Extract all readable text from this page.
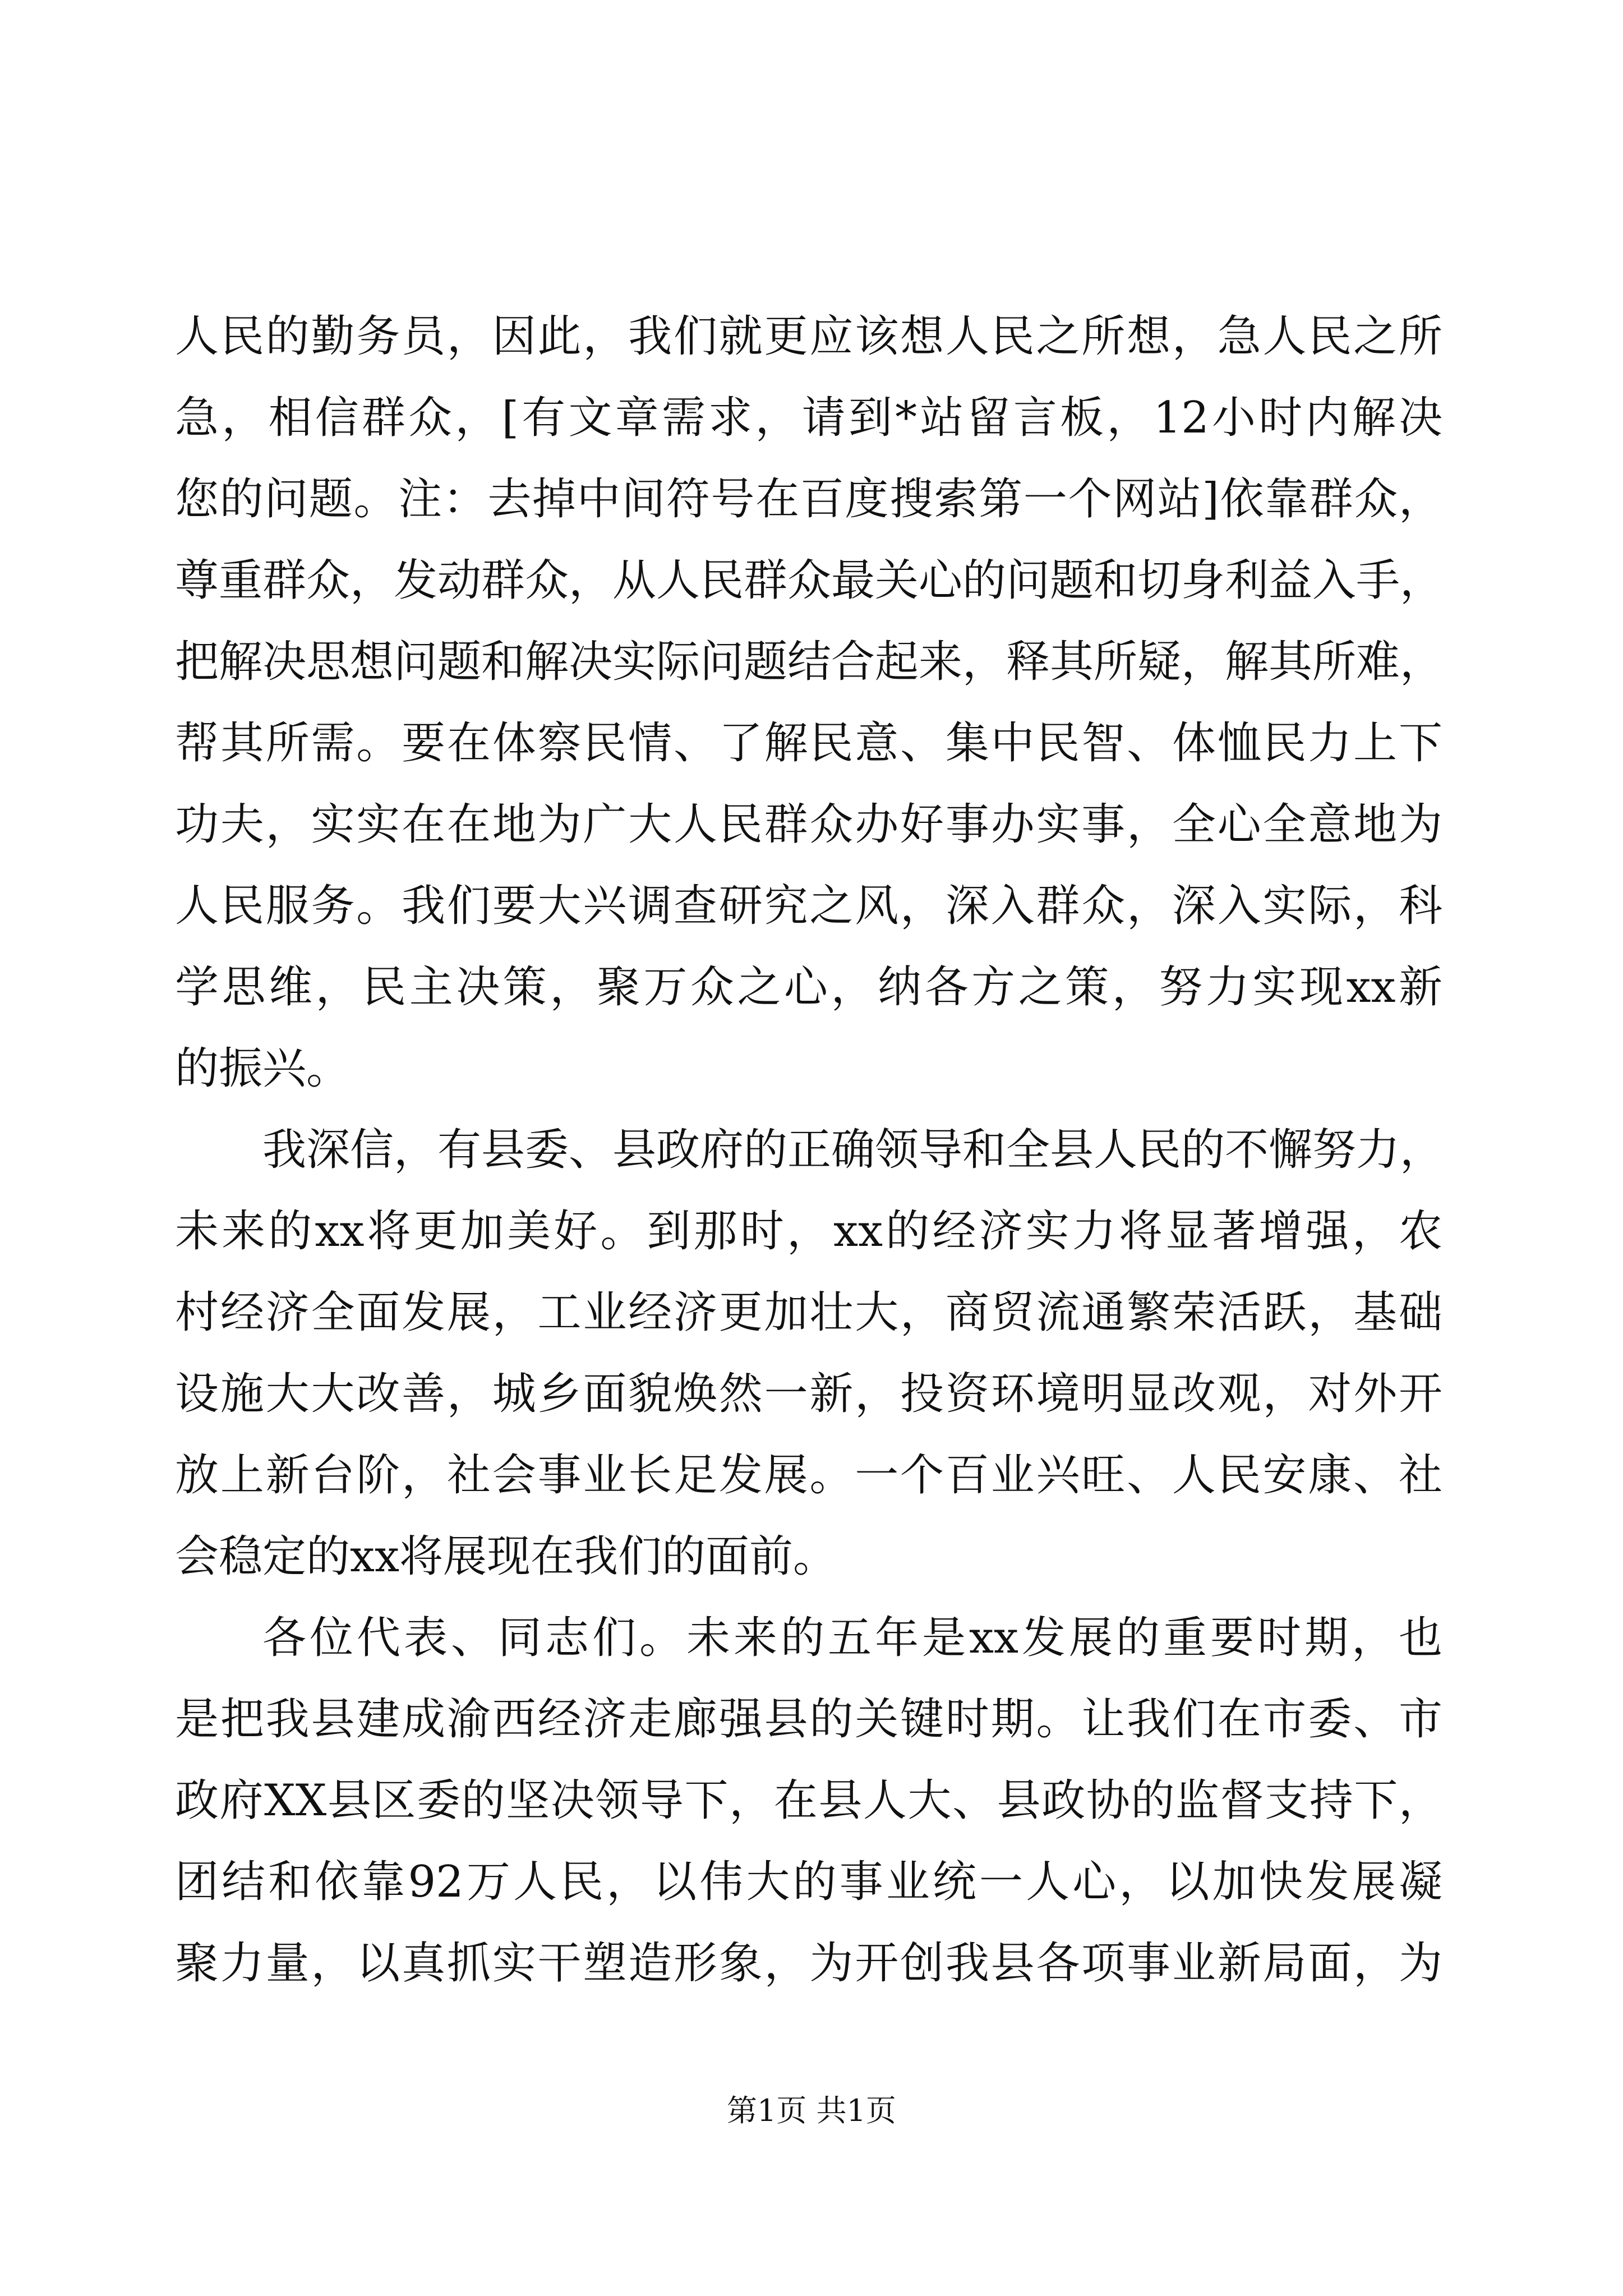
人民的勤务员，因此，我们就更应该想人民之所想，急人民之所
急，相信群众，[有文章需求，请到*站留言板，12小时内解决
您的问题。注：去掉中间符号在百度搜索第一个网站]依靠群众，
尊重群众，发动群众，从人民群众最关心的问题和切身利益入手，
把解决思想问题和解决实际问题结合起来，释其所疑，解其所难，
帮其所需。要在体察民情、了解民意、集中民智、体恤民力上下
功夫，实实在在地为广大人民群众办好事办实事，全心全意地为
人民服务。我们要大兴调查研究之风，深入群众，深入实际，科
学思维，民主决策，聚万众之心，纳各方之策，努力实现xx新
的振兴。

我深信，有县委、县政府的正确领导和全县人民的不懈努力，
未来的xx将更加美好。到那时，xx的经济实力将显著增强，农
村经济全面发展，工业经济更加壮大，商贸流通繁荣活跃，基础
设施大大改善，城乡面貌焕然一新，投资环境明显改观，对外开
放上新台阶，社会事业长足发展。一个百业兴旺、人民安康、社
会稳定的xx将展现在我们的面前。

各位代表、同志们。未来的五年是xx发展的重要时期，也
是把我县建成渝西经济走廊强县的关键时期。让我们在市委、市
政府XX县区委的坚决领导下，在县人大、县政协的监督支持下，
团结和依靠92万人民，以伟大的事业统一人心，以加快发展凝
聚力量，以真抓实干塑造形象，为开创我县各项事业新局面，为

第1页 共1页
